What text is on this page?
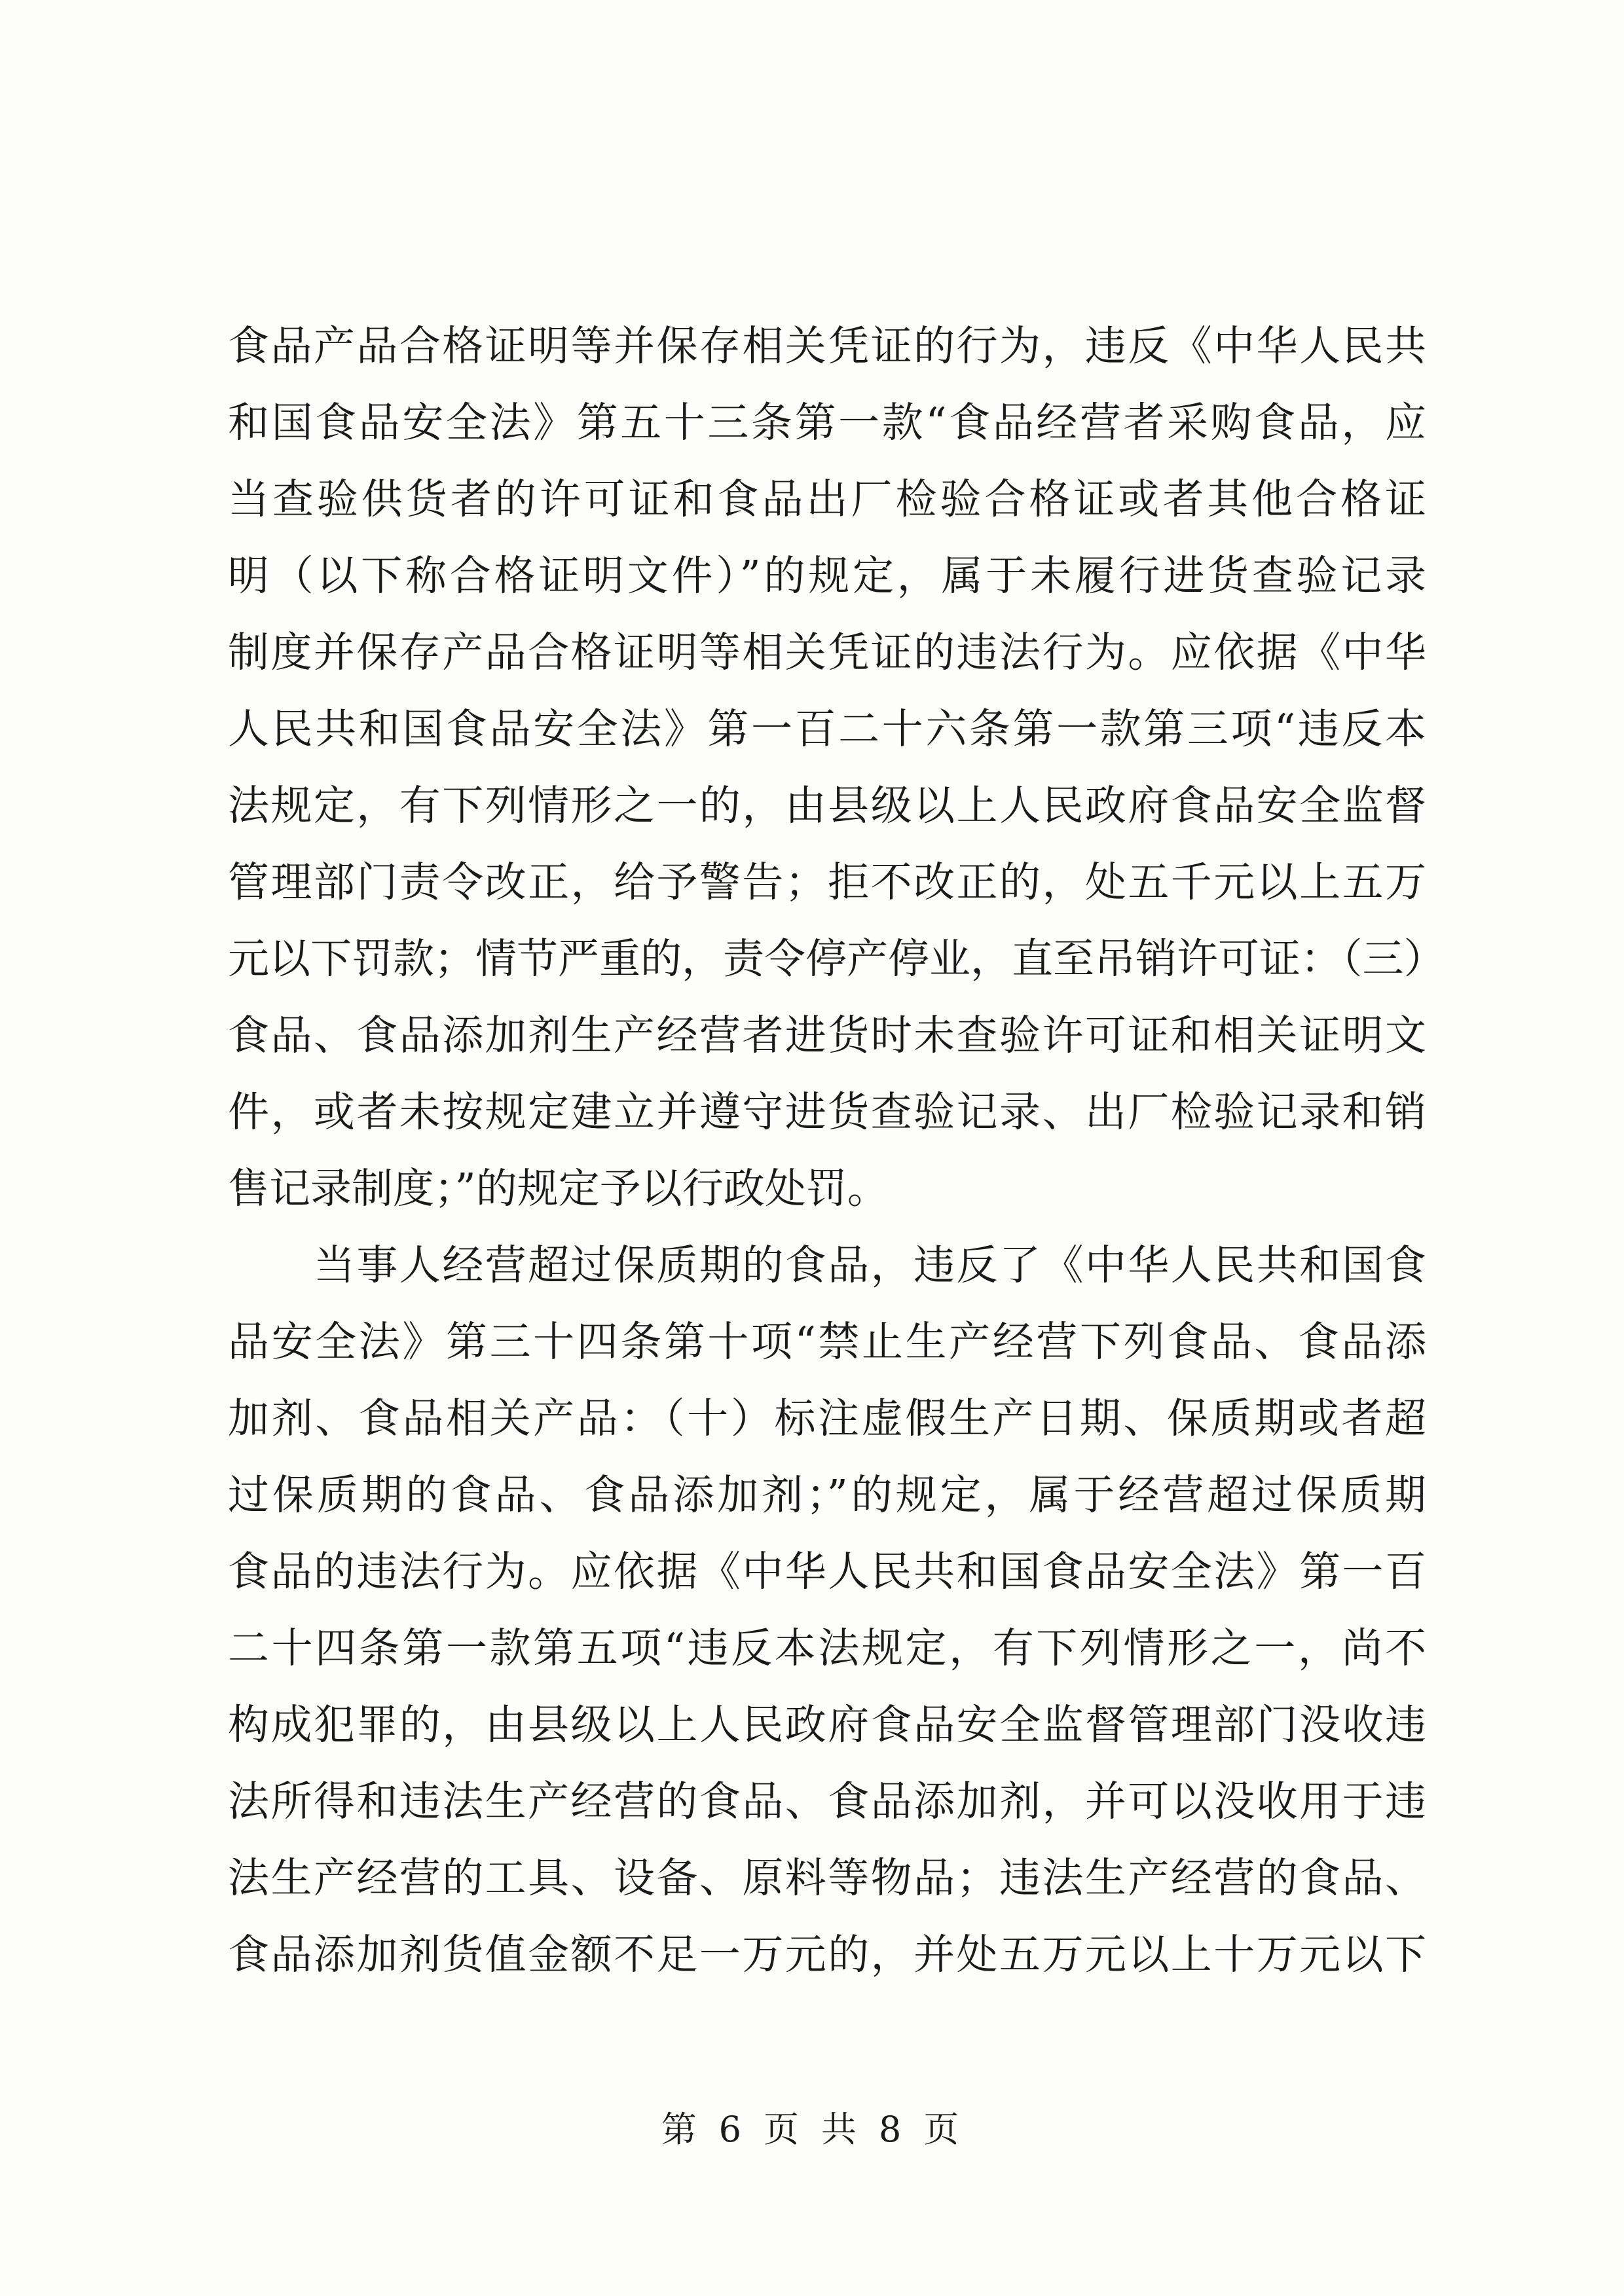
食品产品合格证明等并保存相关凭证的行为，违反《中华人民共
和国食品安全法》第五十三条第一款“食品经营者采购食品，应
当查验供货者的许可证和食品出厂检验合格证或者其他合格证
明（以下称合格证明文件）”的规定，属于未履行进货查验记录
制度并保存产品合格证明等相关凭证的违法行为。应依据《中华
人民共和国食品安全法》第一百二十六条第一款第三项“违反本
法规定，有下列情形之一的，由县级以上人民政府食品安全监督
管理部门责令改正，给予警告；拒不改正的，处五千元以上五万
元以下罚款；情节严重的，责令停产停业，直至吊销许可证：（三）
食品、食品添加剂生产经营者进货时未查验许可证和相关证明文
件，或者未按规定建立并遵守进货查验记录、出厂检验记录和销
售记录制度；”的规定予以行政处罚。
　　当事人经营超过保质期的食品，违反了《中华人民共和国食
品安全法》第三十四条第十项“禁止生产经营下列食品、食品添
加剂、食品相关产品：（十）标注虚假生产日期、保质期或者超
过保质期的食品、食品添加剂；”的规定，属于经营超过保质期
食品的违法行为。应依据《中华人民共和国食品安全法》第一百
二十四条第一款第五项“违反本法规定，有下列情形之一，尚不
构成犯罪的，由县级以上人民政府食品安全监督管理部门没收违
法所得和违法生产经营的食品、食品添加剂，并可以没收用于违
法生产经营的工具、设备、原料等物品；违法生产经营的食品、
食品添加剂货值金额不足一万元的，并处五万元以上十万元以下
第 6 页 共 8 页
